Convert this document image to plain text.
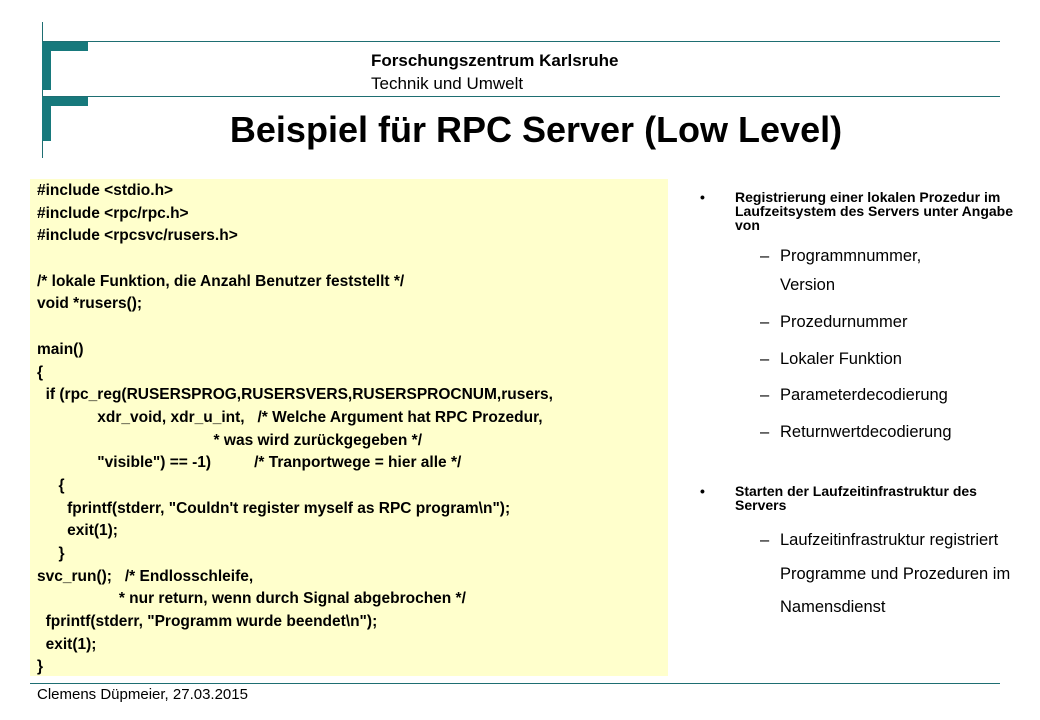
Forschungszentrum Karlsruhe
Technik und Umwelt
Beispiel für RPC Server (Low Level)
#include <stdio.h>
#include <rpc/rpc.h>
#include <rpcsvc/rusers.h>
/* lokale Funktion, die Anzahl Benutzer feststellt */
void *rusers();
main()
{
if (rpc_reg(RUSERSPROG,RUSERSVERS,RUSERSPROCNUM,rusers,
xdr_void, xdr_u_int,   /* Welche Argument hat RPC Prozedur,
* was wird zurückgegeben */
"visible") == -1)          /* Tranportwege = hier alle */
{
fprintf(stderr, "Couldn't register myself as RPC program\n");
exit(1);
}
svc_run();   /* Endlosschleife,
* nur return, wenn durch Signal abgebrochen */
fprintf(stderr, "Programm wurde beendet\n");
exit(1);
}
• Registrierung einer lokalen Prozedur im Laufzeitsystem des Servers unter Angabe von
– Programmnummer, Version
– Prozedurnummer
– Lokaler Funktion
– Parameterdecodierung
– Returnwertdecodierung
• Starten der Laufzeitinfrastruktur des Servers
– Laufzeitinfrastruktur registriert Programme und Prozeduren im Namensdienst
Clemens Düpmeier, 27.03.2015
